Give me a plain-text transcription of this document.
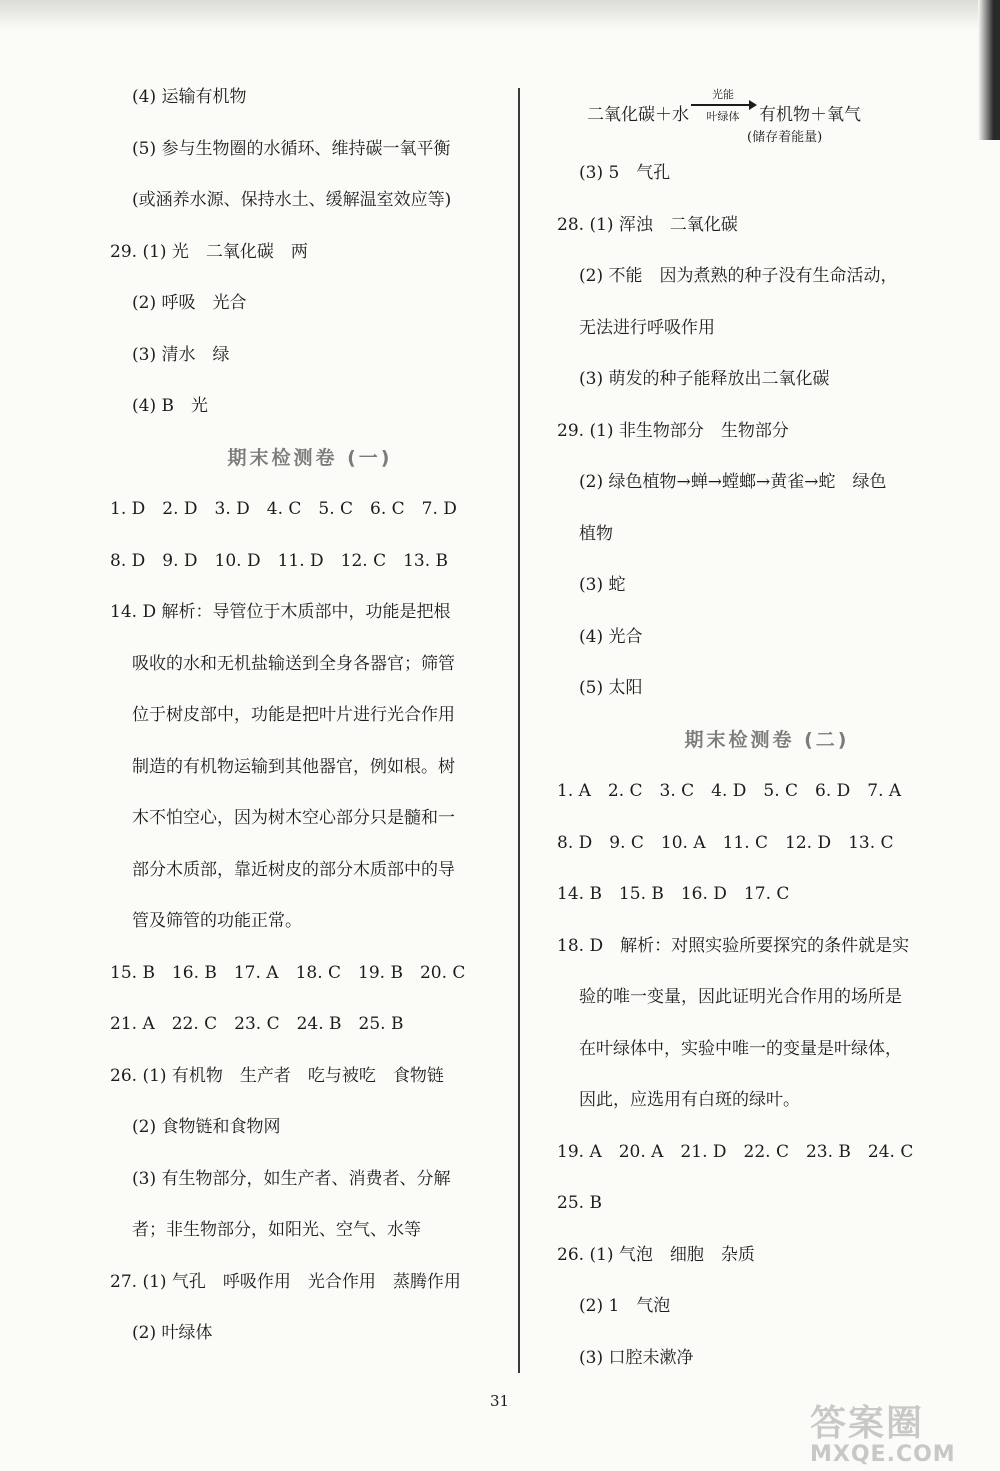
(4) 运输有机物
(5) 参与生物圈的水循环、维持碳一氧平衡
(或涵养水源、保持水土、缓解温室效应等)
29. (1) 光　二氧化碳　两
(2) 呼吸　光合
(3) 清水　绿
(4) B　光
期末检测卷 (一)
1. D　2. D　3. D　4. C　5. C　6. C　7. D
8. D　9. D　10. D　11. D　12. C　13. B
14. D 解析：导管位于木质部中，功能是把根
吸收的水和无机盐输送到全身各器官；筛管
位于树皮部中，功能是把叶片进行光合作用
制造的有机物运输到其他器官，例如根。树
木不怕空心，因为树木空心部分只是髓和一
部分木质部，靠近树皮的部分木质部中的导
管及筛管的功能正常。
15. B　16. B　17. A　18. C　19. B　20. C
21. A　22. C　23. C　24. B　25. B
26. (1) 有机物　生产者　吃与被吃　食物链
(2) 食物链和食物网
(3) 有生物部分，如生产者、消费者、分解
者；非生物部分，如阳光、空气、水等
27. (1) 气孔　呼吸作用　光合作用　蒸腾作用
(2) 叶绿体
二氧化碳＋水
光能
叶绿体	有机物＋氧气
(储存着能量)
(3) 5　气孔
28. (1) 浑浊　二氧化碳
(2) 不能　因为煮熟的种子没有生命活动，
无法进行呼吸作用
(3) 萌发的种子能释放出二氧化碳
29. (1) 非生物部分　生物部分
(2) 绿色植物→蝉→螳螂→黄雀→蛇　绿色
植物
(3) 蛇
(4) 光合
(5) 太阳
期末检测卷 (二)
1. A　2. C　3. C　4. D　5. C　6. D　7. A
8. D　9. C　10. A　11. C　12. D　13. C
14. B　15. B　16. D　17. C
18. D　解析：对照实验所要探究的条件就是实
验的唯一变量，因此证明光合作用的场所是
在叶绿体中，实验中唯一的变量是叶绿体，
因此，应选用有白斑的绿叶。
19. A　20. A　21. D　22. C　23. B　24. C
25. B
26. (1) 气泡　细胞　杂质
(2) 1　气泡
(3) 口腔未漱净
31
答案圈
MXQE.COM
